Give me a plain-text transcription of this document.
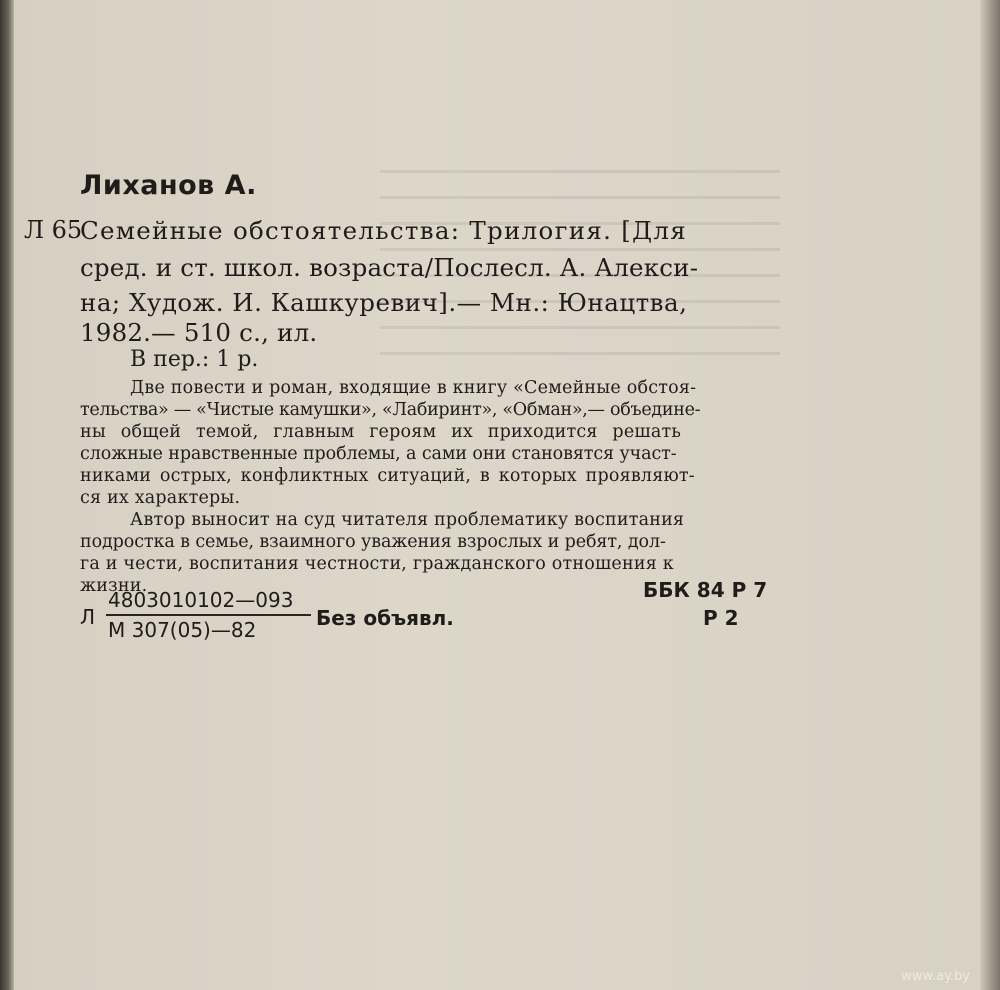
Лиханов А.
Л 65
Семейные обстоятельства: Трилогия. [Для
сред. и ст. школ. возраста/Послесл. А. Алекси-
на; Худож. И. Кашкуревич].— Мн.: Юнацтва,
1982.— 510 с., ил.
В пер.: 1 р.
Две повести и роман, входящие в книгу «Семейные обстоя-
тельства» — «Чистые камушки», «Лабиринт», «Обман»,— объедине-
ны общей темой, главным героям их приходится решать
сложные нравственные проблемы, а сами они становятся участ-
никами острых, конфликтных ситуаций, в которых проявляют-
ся их характеры.
Автор выносит на суд читателя проблематику воспитания
подростка в семье, взаимного уважения взрослых и ребят, дол-
га и чести, воспитания честности, гражданского отношения к
жизни.
Л
4803010102—093
М 307(05)—82	Без объявл.
ББК 84 Р 7
Р 2
www.ay.by
